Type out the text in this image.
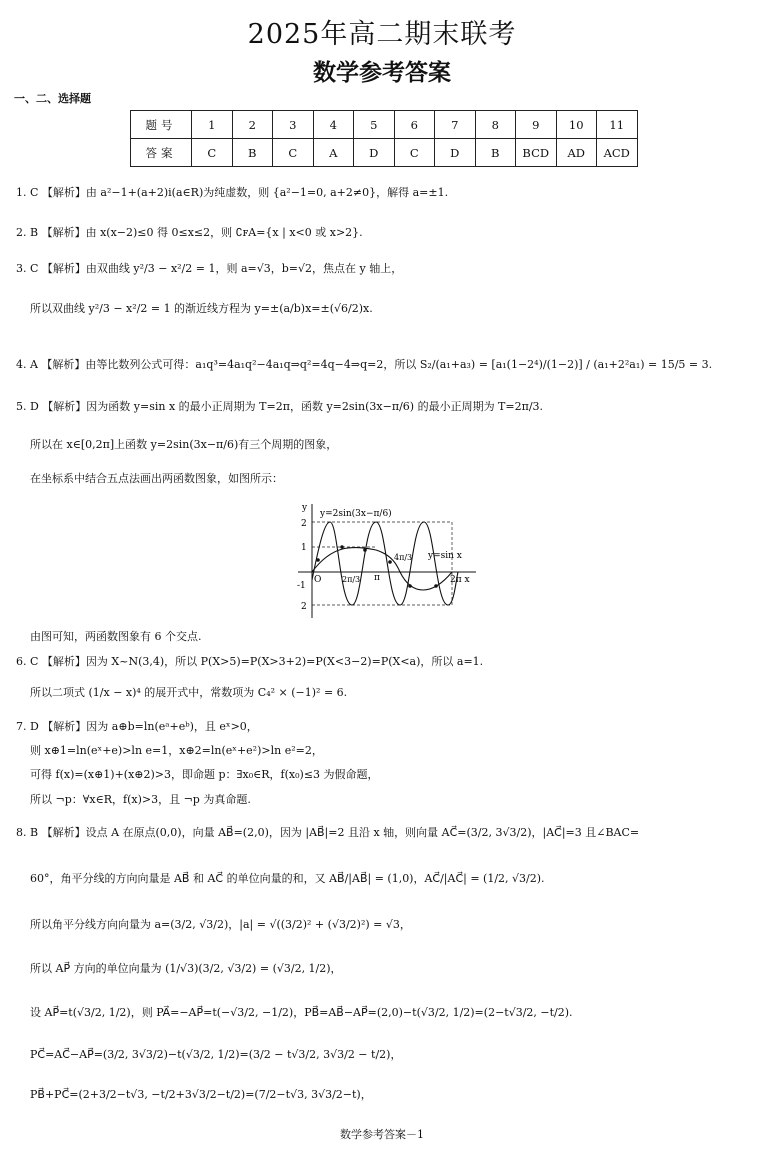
2025年高二期末联考
数学参考答案
一、二、选择题
题号	1	2	3	4	5	6	7	8	9	10	11
答案	C	B	C	A	D	C	D	B	BCD	AD	ACD
1. C 【解析】由 a²−1+(a+2)i(a∈R)为纯虚数，则 {a²−1=0, a+2≠0}，解得 a=±1.
2. B 【解析】由 x(x−2)≤0 得 0≤x≤2，则 ∁ꜰA={x | x<0 或 x>2}.
3. C 【解析】由双曲线 y²/3 − x²/2 = 1，则 a=√3，b=√2，焦点在 y 轴上，
所以双曲线 y²/3 − x²/2 = 1 的渐近线方程为 y=±(a/b)x=±(√6/2)x.
4. A 【解析】由等比数列公式可得：a₁q³=4a₁q²−4a₁q⇒q²=4q−4⇒q=2，所以 S₂/(a₁+a₃) = [a₁(1−2⁴)/(1−2)] / (a₁+2²a₁) = 15/5 = 3.
5. D 【解析】因为函数 y=sin x 的最小正周期为 T=2π，函数 y=2sin(3x−π/6) 的最小正周期为 T=2π/3.
所以在 x∈[0,2π]上函数 y=2sin(3x−π/6)有三个周期的图象，
在坐标系中结合五点法画出两函数图象，如图所示：
y
y=2sin(3x−π/6)
y=sin x
2
1
-1
2
O	2π/3 π
4π/3
2π x
由图可知，两函数图象有 6 个交点.
6. C 【解析】因为 X~N(3,4)，所以 P(X>5)=P(X>3+2)=P(X<3−2)=P(X<a)，所以 a=1.
所以二项式 (1/x − x)⁴ 的展开式中，常数项为 C₄² × (−1)² = 6.
7. D 【解析】因为 a⊕b=ln(eᵃ+eᵇ)，且 eˣ>0，
则 x⊕1=ln(eˣ+e)>ln e=1，x⊕2=ln(eˣ+e²)>ln e²=2，
可得 f(x)=(x⊕1)+(x⊕2)>3，即命题 p：∃x₀∈R，f(x₀)≤3 为假命题，
所以 ¬p：∀x∈R，f(x)>3，且 ¬p 为真命题.
8. B 【解析】设点 A 在原点(0,0)，向量 AB⃗=(2,0)，因为 |AB⃗|=2 且沿 x 轴，则向量 AC⃗=(3/2, 3√3/2)，|AC⃗|=3 且∠BAC=
60°，角平分线的方向向量是 AB⃗ 和 AC⃗ 的单位向量的和，又 AB⃗/|AB⃗| = (1,0)，AC⃗/|AC⃗| = (1/2, √3/2).
所以角平分线方向向量为 a=(3/2, √3/2)，|a| = √((3/2)² + (√3/2)²) = √3，
所以 AP⃗ 方向的单位向量为 (1/√3)(3/2, √3/2) = (√3/2, 1/2)，
设 AP⃗=t(√3/2, 1/2)，则 PA⃗=−AP⃗=t(−√3/2, −1/2)，PB⃗=AB⃗−AP⃗=(2,0)−t(√3/2, 1/2)=(2−t√3/2, −t/2).
PC⃗=AC⃗−AP⃗=(3/2, 3√3/2)−t(√3/2, 1/2)=(3/2 − t√3/2, 3√3/2 − t/2)，
PB⃗+PC⃗=(2+3/2−t√3, −t/2+3√3/2−t/2)=(7/2−t√3, 3√3/2−t)，
数学参考答案－1
